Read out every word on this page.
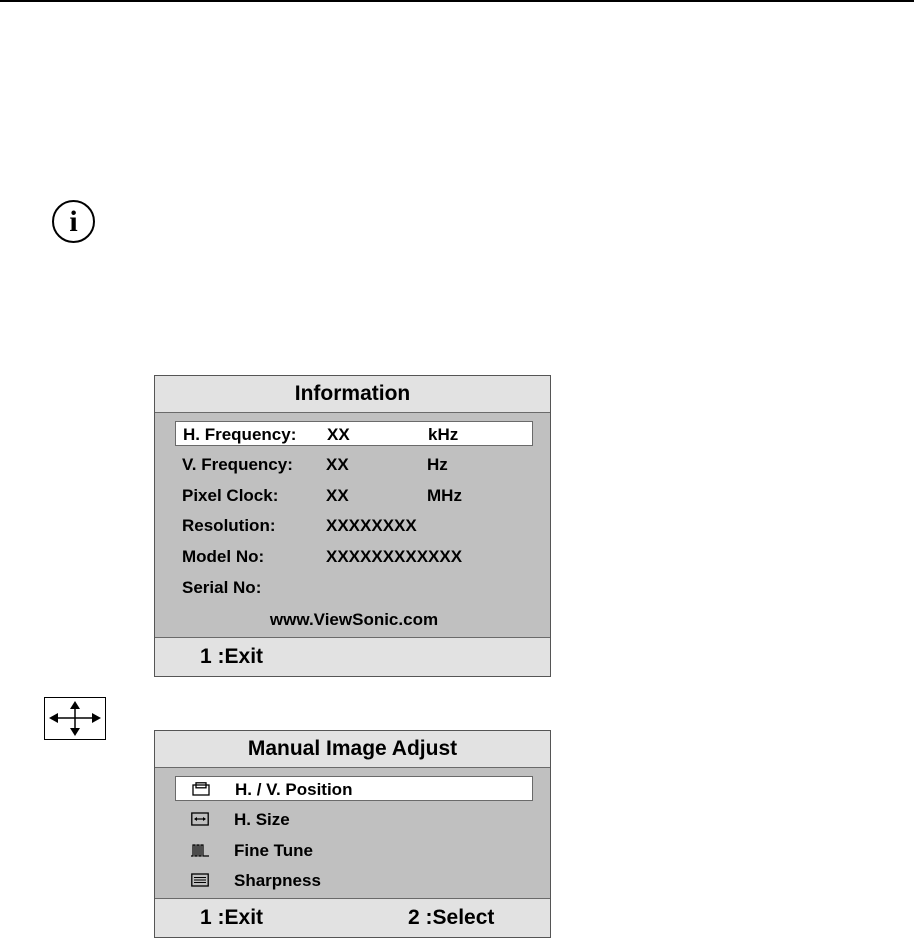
i
Information
H. Frequency: XX	kHz
V. Frequency: XX	Hz
Pixel Clock:	XX	MHz
Resolution:	XXXXXXXX
Model No:	XXXXXXXXXXXX
Serial No:
www.ViewSonic.com
1 :Exit
Manual Image Adjust
H. / V. Position
H. Size
Fine Tune
Sharpness
1 :Exit	2 :Select
